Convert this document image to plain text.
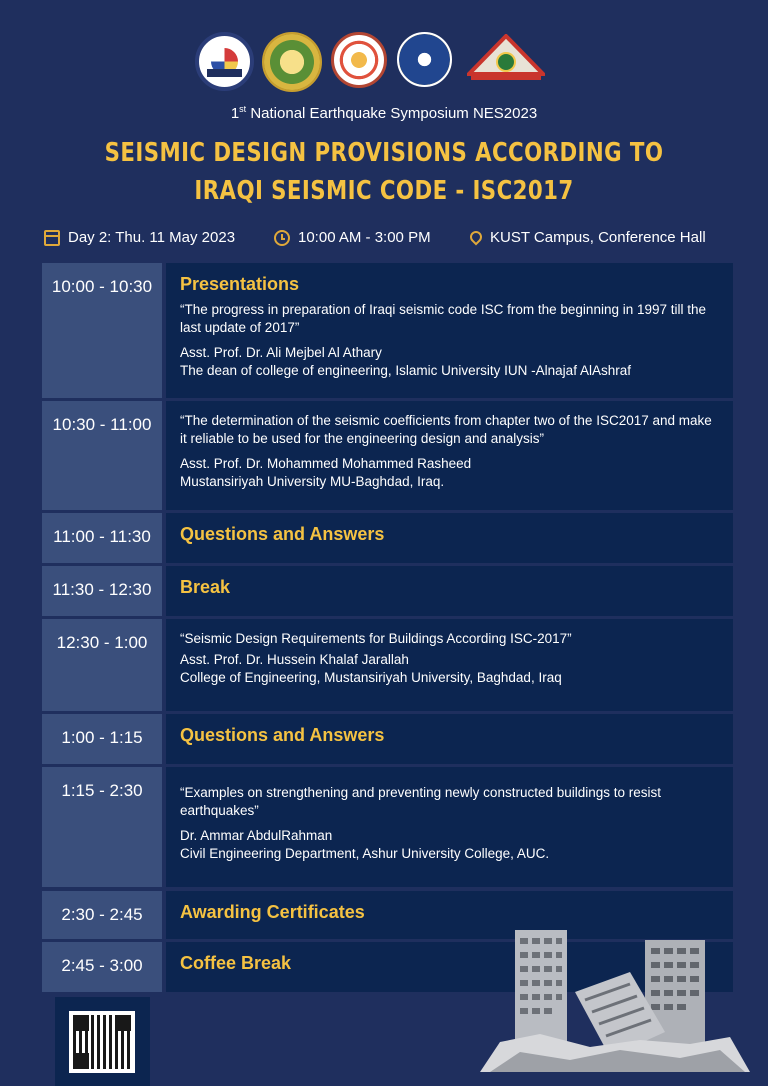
1st National Earthquake Symposium NES2023
SEISMIC DESIGN PROVISIONS ACCORDING TO
IRAQI SEISMIC CODE - ISC2017
Day 2: Thu. 11 May 2023	10:00 AM - 3:00 PM	KUST Campus, Conference Hall
10:00 - 10:30 Presentations
“The progress in preparation of Iraqi seismic code ISC from the beginning in 1997 till the last update of 2017”
Asst. Prof. Dr. Ali Mejbel Al Athary
The dean of college of engineering, Islamic University IUN -Alnajaf AlAshraf
10:30 - 11:00 “The determination of the seismic coefficients from chapter two of the ISC2017 and make it reliable to be used for the engineering design and analysis”
Asst. Prof. Dr. Mohammed Mohammed Rasheed
Mustansiriyah University MU-Baghdad, Iraq.
11:00 - 11:30 Questions and Answers
11:30 - 12:30 Break
12:30 - 1:00 “Seismic Design Requirements for Buildings According ISC-2017”
Asst. Prof. Dr. Hussein Khalaf Jarallah
College of Engineering, Mustansiriyah University, Baghdad, Iraq
1:00 - 1:15 Questions and Answers
1:15 - 2:30	“Examples on strengthening and preventing newly constructed buildings to resist earthquakes”
Dr. Ammar AbdulRahman
Civil Engineering Department, Ashur University College, AUC.
2:30 - 2:45 Awarding Certificates
2:45 - 3:00 Coffee Break
